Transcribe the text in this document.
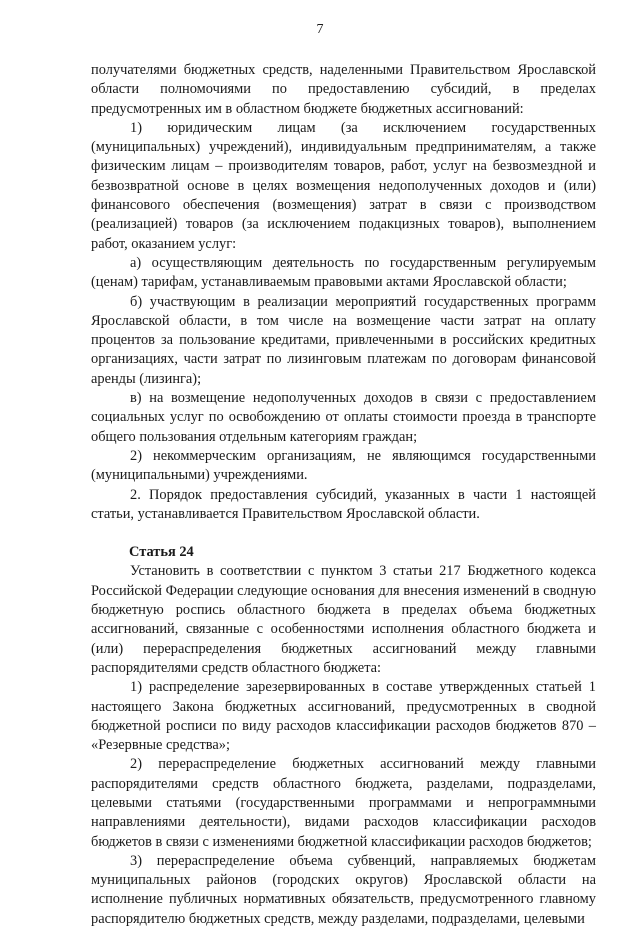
7

получателями бюджетных средств, наделенными Правительством Ярославской области полномочиями по предоставлению субсидий, в пределах предусмотренных им в областном бюджете бюджетных ассигнований:

1) юридическим лицам (за исключением государственных (муниципальных) учреждений), индивидуальным предпринимателям, а также физическим лицам – производителям товаров, работ, услуг на безвозмездной и безвозвратной основе в целях возмещения недополученных доходов и (или) финансового обеспечения (возмещения) затрат в связи с производством (реализацией) товаров (за исключением подакцизных товаров), выполнением работ, оказанием услуг:

а) осуществляющим деятельность по государственным регулируемым (ценам) тарифам, устанавливаемым правовыми актами Ярославской области;

б) участвующим в реализации мероприятий государственных программ Ярославской области, в том числе на возмещение части затрат на оплату процентов за пользование кредитами, привлеченными в российских кредитных организациях, части затрат по лизинговым платежам по договорам финансовой аренды (лизинга);

в) на возмещение недополученных доходов в связи с предоставлением социальных услуг по освобождению от оплаты стоимости проезда в транспорте общего пользования отдельным категориям граждан;

2) некоммерческим организациям, не являющимся государственными (муниципальными) учреждениями.

2. Порядок предоставления субсидий, указанных в части 1 настоящей статьи, устанавливается Правительством Ярославской области.

Статья 24

Установить в соответствии с пунктом 3 статьи 217 Бюджетного кодекса Российской Федерации следующие основания для внесения изменений в сводную бюджетную роспись областного бюджета в пределах объема бюджетных ассигнований, связанные с особенностями исполнения областного бюджета и (или) перераспределения бюджетных ассигнований между главными распорядителями средств областного бюджета:

1) распределение зарезервированных в составе утвержденных статьей 1 настоящего Закона бюджетных ассигнований, предусмотренных в сводной бюджетной росписи по виду расходов классификации расходов бюджетов 870 – «Резервные средства»;

2) перераспределение бюджетных ассигнований между главными распорядителями средств областного бюджета, разделами, подразделами, целевыми статьями (государственными программами и непрограммными направлениями деятельности), видами расходов классификации расходов бюджетов в связи с изменениями бюджетной классификации расходов бюджетов;

3) перераспределение объема субвенций, направляемых бюджетам муниципальных районов (городских округов) Ярославской области на исполнение публичных нормативных обязательств, предусмотренного главному распорядителю бюджетных средств, между разделами, подразделами, целевыми
